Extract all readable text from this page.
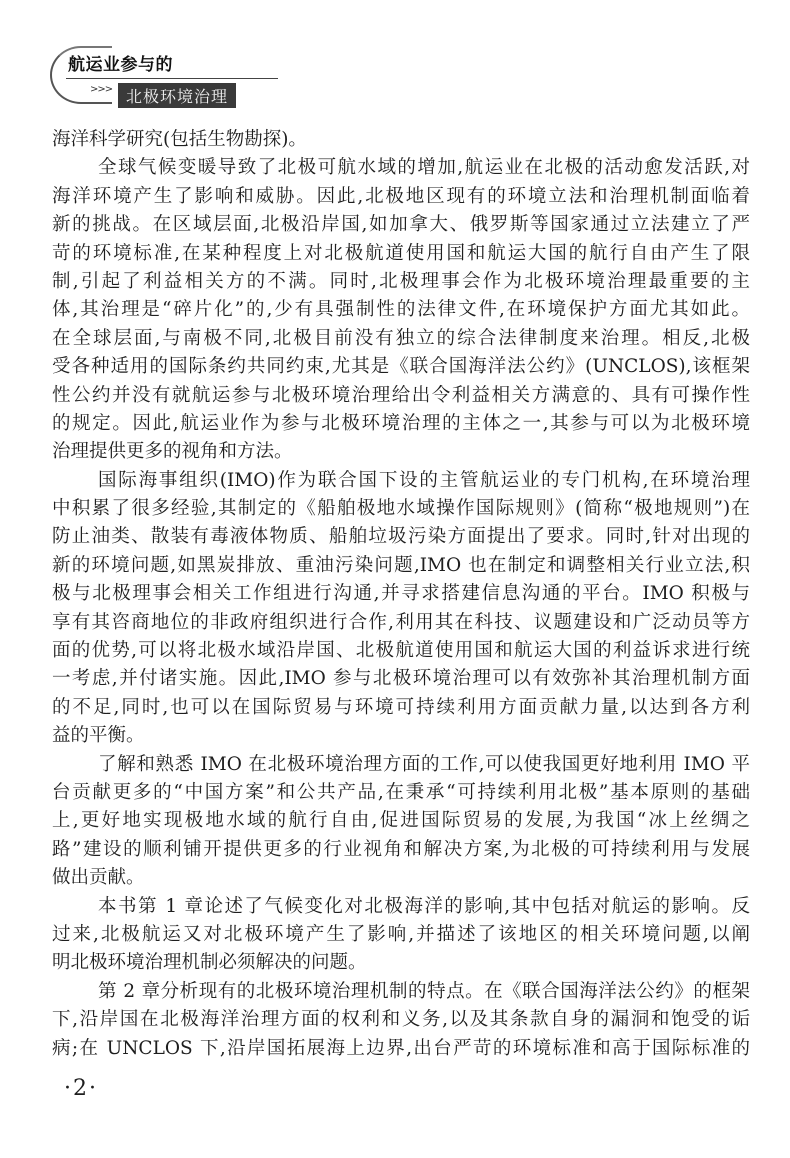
航运业参与的
>>> 北极环境治理
海洋科学研究(包括生物勘探)。
全球气候变暖导致了北极可航水域的增加,航运业在北极的活动愈发活跃,对
海洋环境产生了影响和威胁。因此,北极地区现有的环境立法和治理机制面临着
新的挑战。在区域层面,北极沿岸国,如加拿大、俄罗斯等国家通过立法建立了严
苛的环境标准,在某种程度上对北极航道使用国和航运大国的航行自由产生了限
制,引起了利益相关方的不满。同时,北极理事会作为北极环境治理最重要的主
体,其治理是“碎片化”的,少有具强制性的法律文件,在环境保护方面尤其如此。
在全球层面,与南极不同,北极目前没有独立的综合法律制度来治理。相反,北极
受各种适用的国际条约共同约束,尤其是《联合国海洋法公约》(UNCLOS),该框架
性公约并没有就航运参与北极环境治理给出令利益相关方满意的、具有可操作性
的规定。因此,航运业作为参与北极环境治理的主体之一,其参与可以为北极环境
治理提供更多的视角和方法。
国际海事组织(IMO)作为联合国下设的主管航运业的专门机构,在环境治理
中积累了很多经验,其制定的《船舶极地水域操作国际规则》(简称“极地规则”)在
防止油类、散装有毒液体物质、船舶垃圾污染方面提出了要求。同时,针对出现的
新的环境问题,如黑炭排放、重油污染问题,IMO 也在制定和调整相关行业立法,积
极与北极理事会相关工作组进行沟通,并寻求搭建信息沟通的平台。IMO 积极与
享有其咨商地位的非政府组织进行合作,利用其在科技、议题建设和广泛动员等方
面的优势,可以将北极水域沿岸国、北极航道使用国和航运大国的利益诉求进行统
一考虑,并付诸实施。因此,IMO 参与北极环境治理可以有效弥补其治理机制方面
的不足,同时,也可以在国际贸易与环境可持续利用方面贡献力量,以达到各方利
益的平衡。
了解和熟悉 IMO 在北极环境治理方面的工作,可以使我国更好地利用 IMO 平
台贡献更多的“中国方案”和公共产品,在秉承“可持续利用北极”基本原则的基础
上,更好地实现极地水域的航行自由,促进国际贸易的发展,为我国“冰上丝绸之
路”建设的顺利铺开提供更多的行业视角和解决方案,为北极的可持续利用与发展
做出贡献。
本书第 1 章论述了气候变化对北极海洋的影响,其中包括对航运的影响。反
过来,北极航运又对北极环境产生了影响,并描述了该地区的相关环境问题,以阐
明北极环境治理机制必须解决的问题。
第 2 章分析现有的北极环境治理机制的特点。在《联合国海洋法公约》的框架
下,沿岸国在北极海洋治理方面的权利和义务,以及其条款自身的漏洞和饱受的诟
病;在 UNCLOS 下,沿岸国拓展海上边界,出台严苛的环境标准和高于国际标准的
·2·
